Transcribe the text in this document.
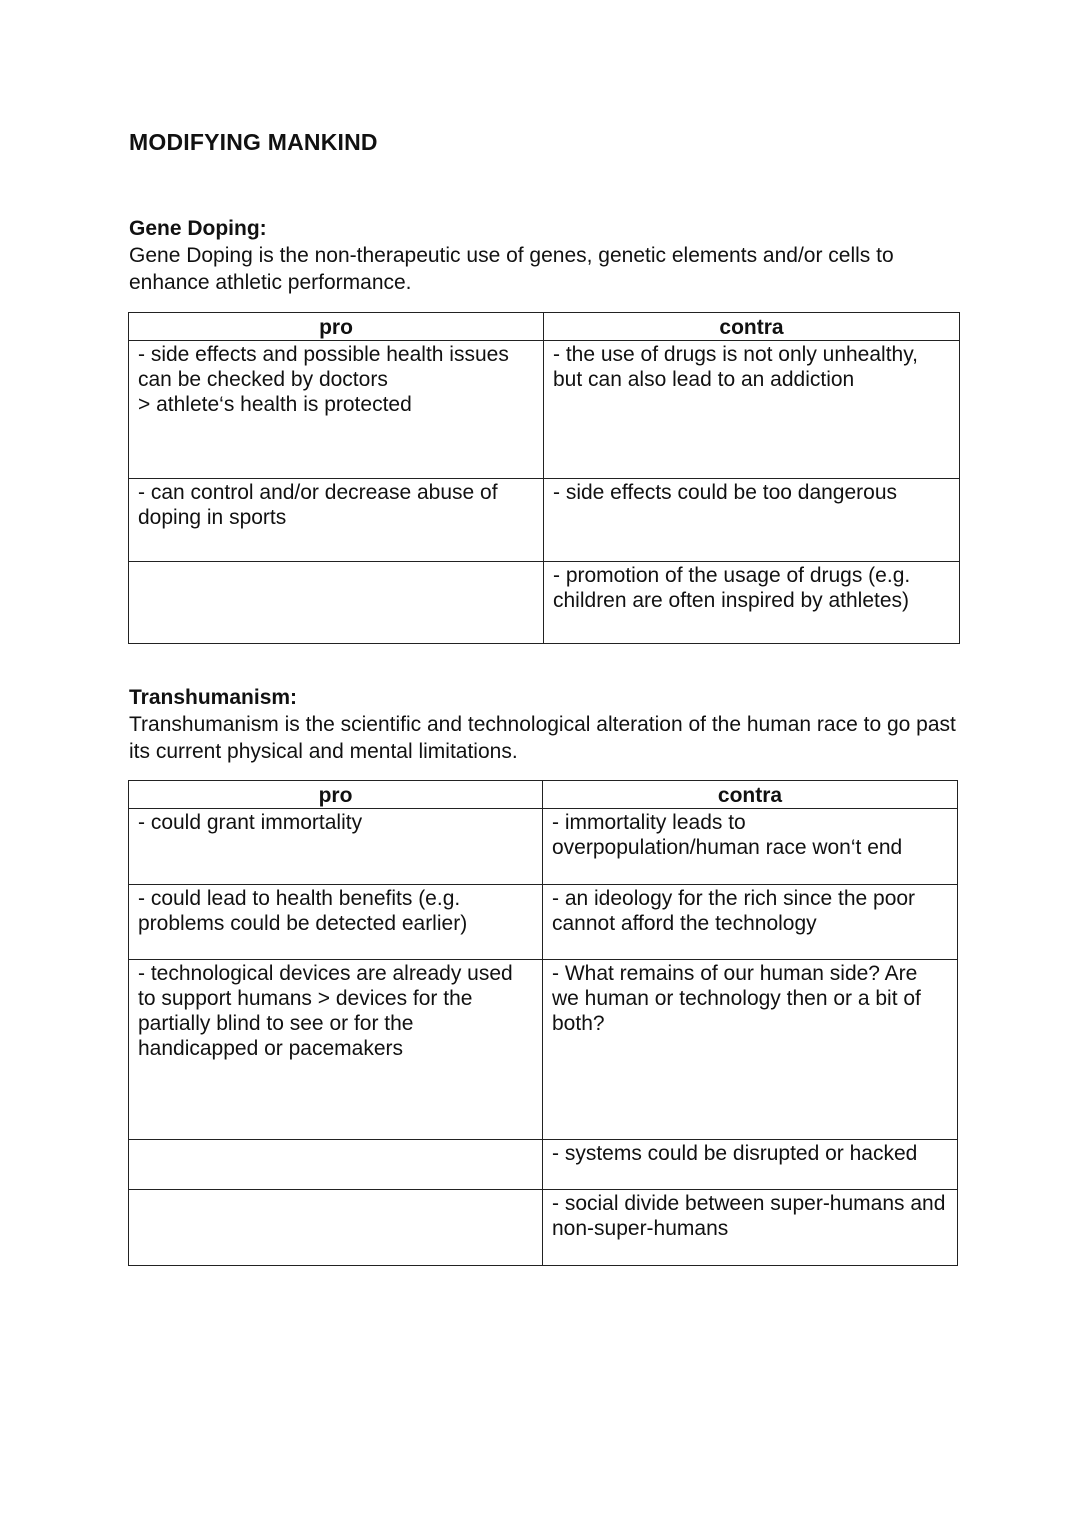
MODIFYING MANKIND
Gene Doping:
Gene Doping is the non-therapeutic use of genes, genetic elements and/or cells to enhance athletic performance.
pro	contra
- side effects and possible health issues can be checked by doctors
> athlete‘s health is protected	- the use of drugs is not only unhealthy, but can also lead to an addiction
- can control and/or decrease abuse of doping in sports	- side effects could be too dangerous
	- promotion of the usage of drugs (e.g. children are often inspired by athletes)
Transhumanism:
Transhumanism is the scientific and technological alteration of the human race to go past its current physical and mental limitations.
pro	contra
- could grant immortality	- immortality leads to overpopulation/human race won‘t end
- could lead to health benefits (e.g. problems could be detected earlier)	- an ideology for the rich since the poor cannot afford the technology
- technological devices are already used to support humans > devices for the partially blind to see or for the handicapped or pacemakers	- What remains of our human side? Are we human or technology then or a bit of both?
	- systems could be disrupted or hacked
	- social divide between super-humans and non-super-humans
